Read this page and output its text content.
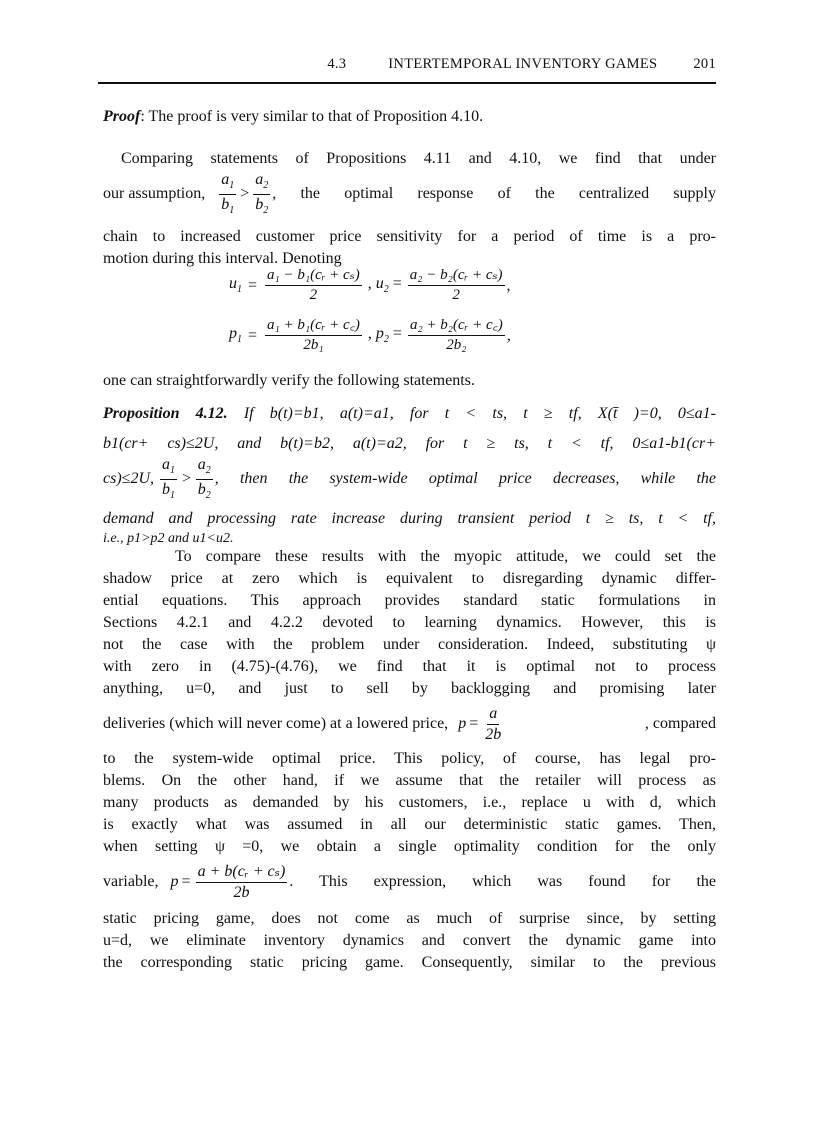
4.3	INTERTEMPORAL INVENTORY GAMES 201
Proof: The proof is very similar to that of Proposition 4.10.
Comparing statements of Propositions 4.11 and 4.10, we find that under
our assumption, $\frac{a_1}{b_1} > \frac{a_2}{b_2}$ , the optimal response of the centralized supply
chain to increased customer price sensitivity for a period of time is a pro-
motion during this interval. Denoting
$u_1 = \frac{\text{a₁ − b₁(cᵣ + cₛ)}}{2}$ , $u_2 = \frac{\text{a₂ − b₂(cᵣ + cₛ)}}{2}$ ,
$p_1 = \frac{\text{a₁ + b₁(cᵣ + c꜀)}}{\text{2b₁}}$ , $p_2 = \frac{\text{a₂ + b₂(cᵣ + c꜀)}}{\text{2b₂}}$ ,
one can straightforwardly verify the following statements.
Proposition 4.12. If b(t)=b1, a(t)=a1, for t < ts, t ≥ tf, X(t̄ )=0, 0≤a1-
b1(cr+ cs)≤2U, and b(t)=b2, a(t)=a2, for t ≥ ts, t < tf, 0≤a1-b1(cr+
cs)≤2U, $\frac{a_1}{b_1} > \frac{a_2}{b_2}$ , then the system-wide optimal price decreases, while the
demand and processing rate increase during transient period t ≥ ts, t < tf,
i.e., p1>p2 and u1<u2.
To compare these results with the myopic attitude, we could set the
shadow price at zero which is equivalent to disregarding dynamic differ-
ential equations. This approach provides standard static formulations in
Sections 4.2.1 and 4.2.2 devoted to learning dynamics. However, this is
not the case with the problem under consideration. Indeed, substituting ψ
with zero in (4.75)-(4.76), we find that it is optimal not to process
anything, u=0, and just to sell by backlogging and promising later
deliveries (which will never come) at a lowered price, $p = \frac{a}{2b}$	, compared
to the system-wide optimal price. This policy, of course, has legal pro-
blems. On the other hand, if we assume that the retailer will process as
many products as demanded by his customers, i.e., replace u with d, which
is exactly what was assumed in all our deterministic static games. Then,
when setting ψ =0, we obtain a single optimality condition for the only
variable, $p = \frac{\text{a + b(cᵣ + cₛ)}}{2b}$ . This expression, which was found for the
static pricing game, does not come as much of surprise since, by setting
u=d, we eliminate inventory dynamics and convert the dynamic game into
the corresponding static pricing game. Consequently, similar to the previous
